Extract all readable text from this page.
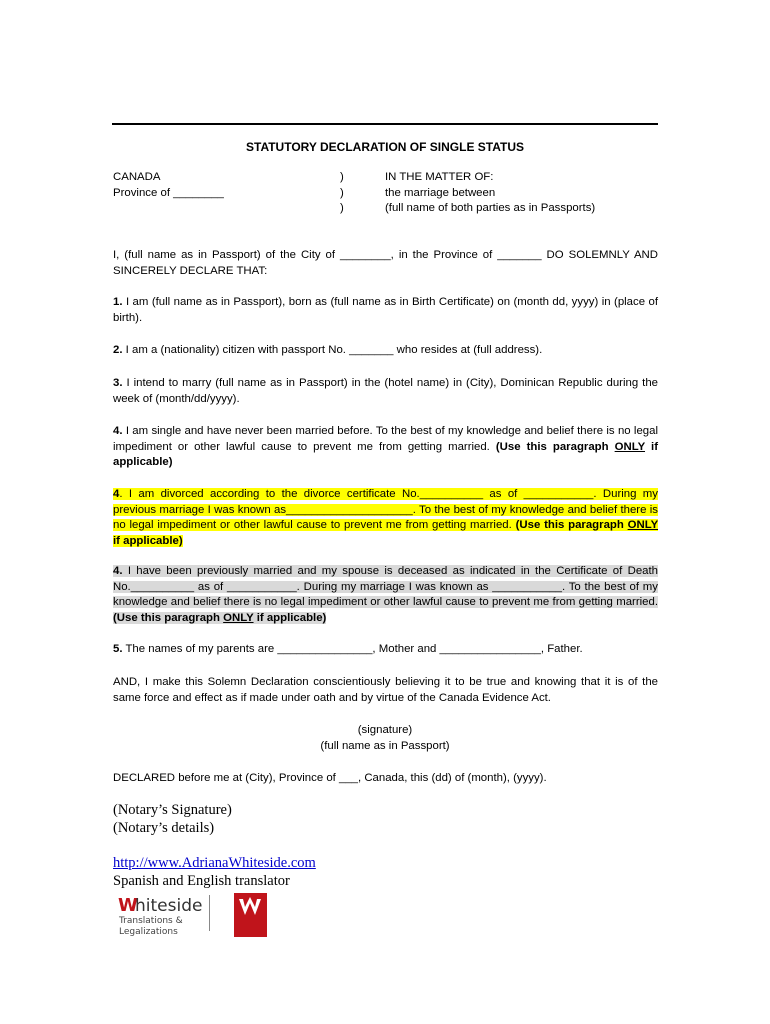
STATUTORY DECLARATION OF SINGLE STATUS
CANADA
Province of ________
)
)
)
IN THE MATTER OF:
the marriage between
(full name of both parties as in Passports)
I, (full name as in Passport) of the City of ________, in the Province of _______ DO SOLEMNLY AND SINCERELY DECLARE THAT:
1. I am (full name as in Passport), born as (full name as in Birth Certificate) on (month dd, yyyy) in (place of birth).
2. I am a (nationality) citizen with passport No. _______ who resides at (full address).
3. I intend to marry (full name as in Passport) in the (hotel name) in (City), Dominican Republic during the week of (month/dd/yyyy).
4. I am single and have never been married before. To the best of my knowledge and belief there is no legal impediment or other lawful cause to prevent me from getting married. (Use this paragraph ONLY if applicable)
4. I am divorced according to the divorce certificate No.__________ as of ___________. During my previous marriage I was known as____________________. To the best of my knowledge and belief there is no legal impediment or other lawful cause to prevent me from getting married. (Use this paragraph ONLY if applicable)
4. I have been previously married and my spouse is deceased as indicated in the Certificate of Death No.__________ as of ___________. During my marriage I was known as ___________. To the best of my knowledge and belief there is no legal impediment or other lawful cause to prevent me from getting married. (Use this paragraph ONLY if applicable)
5. The names of my parents are _______________, Mother and ________________, Father.
AND, I make this Solemn Declaration conscientiously believing it to be true and knowing that it is of the same force and effect as if made under oath and by virtue of the Canada Evidence Act.
(signature)
(full name as in Passport)
DECLARED before me at (City), Province of ___, Canada, this (dd) of (month), (yyyy).
(Notary’s Signature)
(Notary’s details)
http://www.AdrianaWhiteside.com
Spanish and English translator
W
hiteside
Translations &
Legalizations
